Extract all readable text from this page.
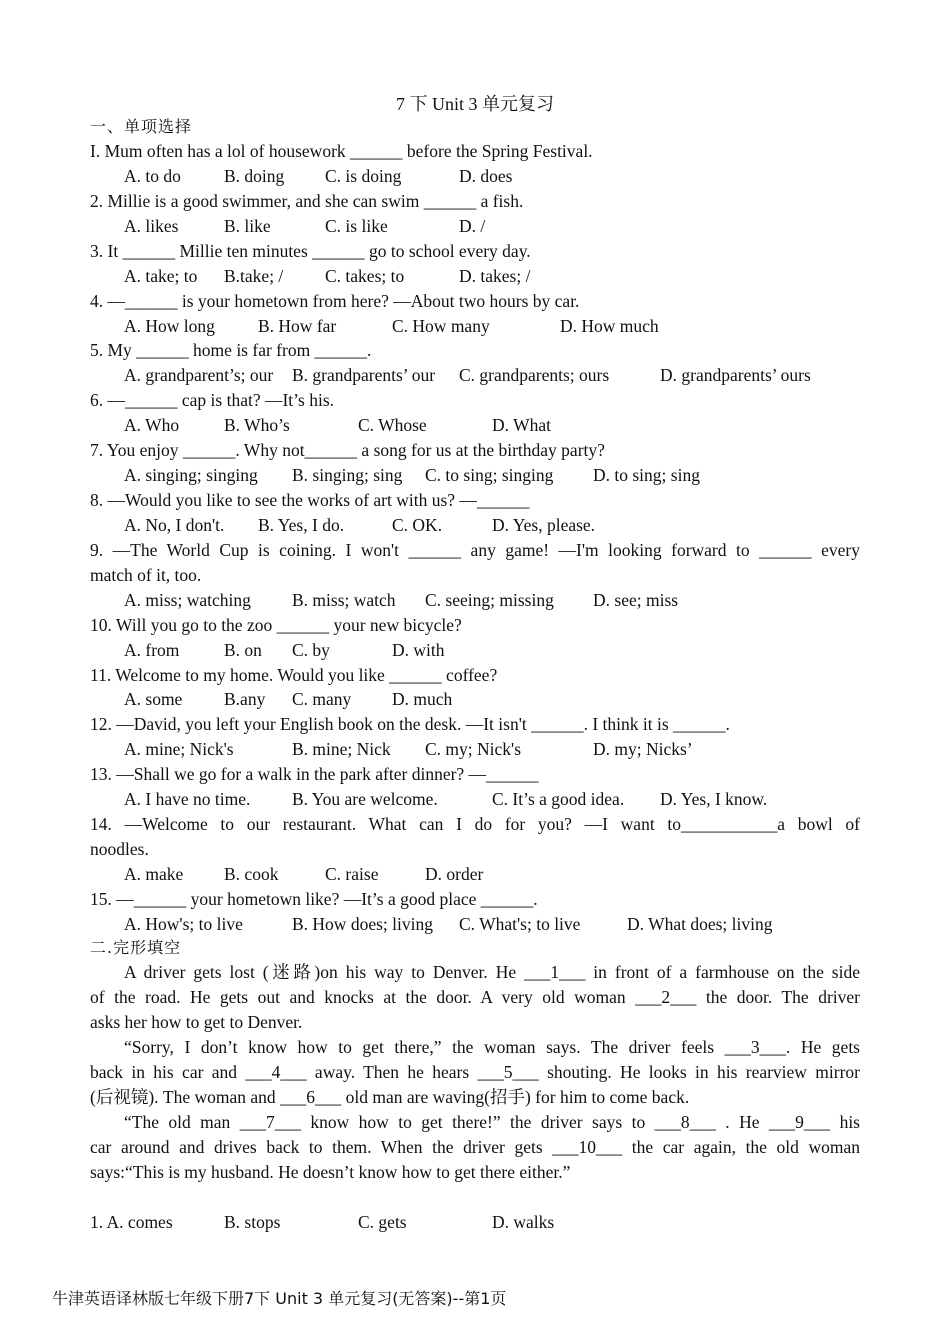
7 下 Unit 3 单元复习
一、单项选择
I. Mum often has a lol of housework ______ before the Spring Festival.
A. to do B. doing C. is doing	D. does
2. Millie is a good swimmer, and she can swim ______ a fish.
A. likes	B. like	C. is like	D. /
3. It ______ Millie ten minutes ______ go to school every day.
A. take; to B.take; / C. takes; to	D. takes; /
4. —______ is your hometown from here? —About two hours by car.
A. How long B. How far	C. How many	D. How much
5. My ______ home is far from ______.
A. grandparent’s; our B. grandparents’ our C. grandparents; ours	D. grandparents’ ours
6. —______ cap is that? —It’s his.
A. Who	B. Who’s	C. Whose	D. What
7. You enjoy ______. Why not______ a song for us at the birthday party?
A. singing; singing B. singing; sing C. to sing; singing D. to sing; sing
8. —Would you like to see the works of art with us? —______
A. No, I don't. B. Yes, I do.	C. OK.	D. Yes, please.
9. —The World Cup is coining. I won't ______ any game! —I'm looking forward to ______ every
match of it, too.
A. miss; watching B. miss; watch C. seeing; missing D. see; miss
10. Will you go to the zoo ______ your new bicycle?
A. from	B. on C. by	D. with
11. Welcome to my home. Would you like ______ coffee?
A. some B.any C. many D. much
12. —David, you left your English book on the desk. —It isn't ______. I think it is ______.
A. mine; Nick's	B. mine; Nick C. my; Nick's	D. my; Nicks’
13. —Shall we go for a walk in the park after dinner? —______
A. I have no time. B. You are welcome.	C. It’s a good idea. D. Yes, I know.
14. —Welcome to our restaurant. What can I do for you? —I want to___________a bowl of
noodles.
A. make B. cook	C. raise	D. order
15. —______ your hometown like? —It’s a good place ______.
A. How's; to live	B. How does; living C. What's; to live	D. What does; living
二.完形填空
A driver gets lost (迷路)on his way to Denver. He ___1___ in front of a farmhouse on the side
of the road. He gets out and knocks at the door. A very old woman ___2___ the door. The driver
asks her how to get to Denver.
“Sorry, I don’t know how to get there,” the woman says. The driver feels ___3___. He gets
back in his car and ___4___ away. Then he hears ___5___ shouting. He looks in his rearview mirror
(后视镜). The woman and ___6___ old man are waving(招手) for him to come back.
“The old man ___7___ know how to get there!” the driver says to ___8___ . He ___9___ his
car around and drives back to them. When the driver gets ___10___ the car again, the old woman
says:“This is my husband. He doesn’t know how to get there either.”
1. A. comes	B. stops	C. gets	D. walks
牛津英语译林版七年级下册7下 Unit 3 单元复习(无答案)--第1页
